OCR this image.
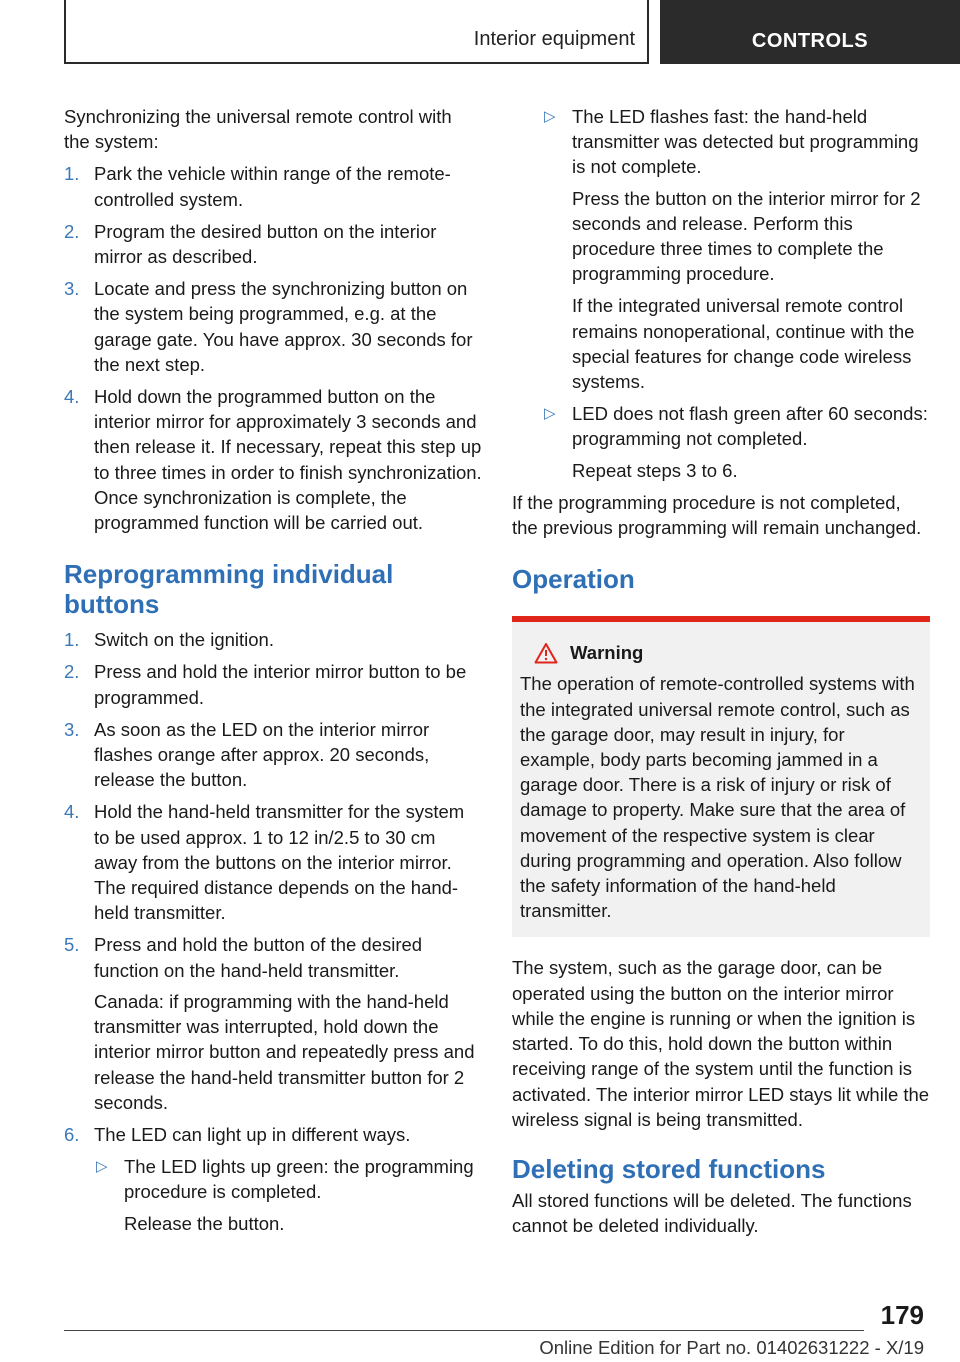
Interior equipment	CONTROLS

Synchronizing the universal remote control with the system:

1. Park the vehicle within range of the remote-controlled system.
2. Program the desired button on the interior mirror as described.
3. Locate and press the synchronizing button on the system being programmed, e.g. at the garage gate. You have approx. 30 seconds for the next step.
4. Hold down the programmed button on the interior mirror for approximately 3 seconds and then release it. If necessary, repeat this step up to three times in order to finish synchronization. Once synchronization is complete, the programmed function will be carried out.
Reprogramming individual buttons
1. Switch on the ignition.
2. Press and hold the interior mirror button to be programmed.
3. As soon as the LED on the interior mirror flashes orange after approx. 20 seconds, release the button.
4. Hold the hand-held transmitter for the system to be used approx. 1 to 12 in/2.5 to 30 cm away from the buttons on the interior mirror. The required distance depends on the hand-held transmitter.
5. Press and hold the button of the desired function on the hand-held transmitter.

Canada: if programming with the hand-held transmitter was interrupted, hold down the interior mirror button and repeatedly press and release the hand-held transmitter button for 2 seconds.

6. The LED can light up in different ways.
▷ The LED lights up green: the programming procedure is completed.

Release the button.

▷ The LED flashes fast: the hand-held transmitter was detected but programming is not complete.

Press the button on the interior mirror for 2 seconds and release. Perform this procedure three times to complete the programming procedure.

If the integrated universal remote control remains nonoperational, continue with the special features for change code wireless systems.

▷ LED does not flash green after 60 seconds: programming not completed.

Repeat steps 3 to 6.

If the programming procedure is not completed, the previous programming will remain unchanged.

Operation
Warning
The operation of remote-controlled systems with the integrated universal remote control, such as the garage door, may result in injury, for example, body parts becoming jammed in a garage door. There is a risk of injury or risk of damage to property. Make sure that the area of movement of the respective system is clear during programming and operation. Also follow the safety information of the hand-held transmitter.

The system, such as the garage door, can be operated using the button on the interior mirror while the engine is running or when the ignition is started. To do this, hold down the button within receiving range of the system until the function is activated. The interior mirror LED stays lit while the wireless signal is being transmitted.

Deleting stored functions

All stored functions will be deleted. The functions cannot be deleted individually.

179
Online Edition for Part no. 01402631222 - X/19
